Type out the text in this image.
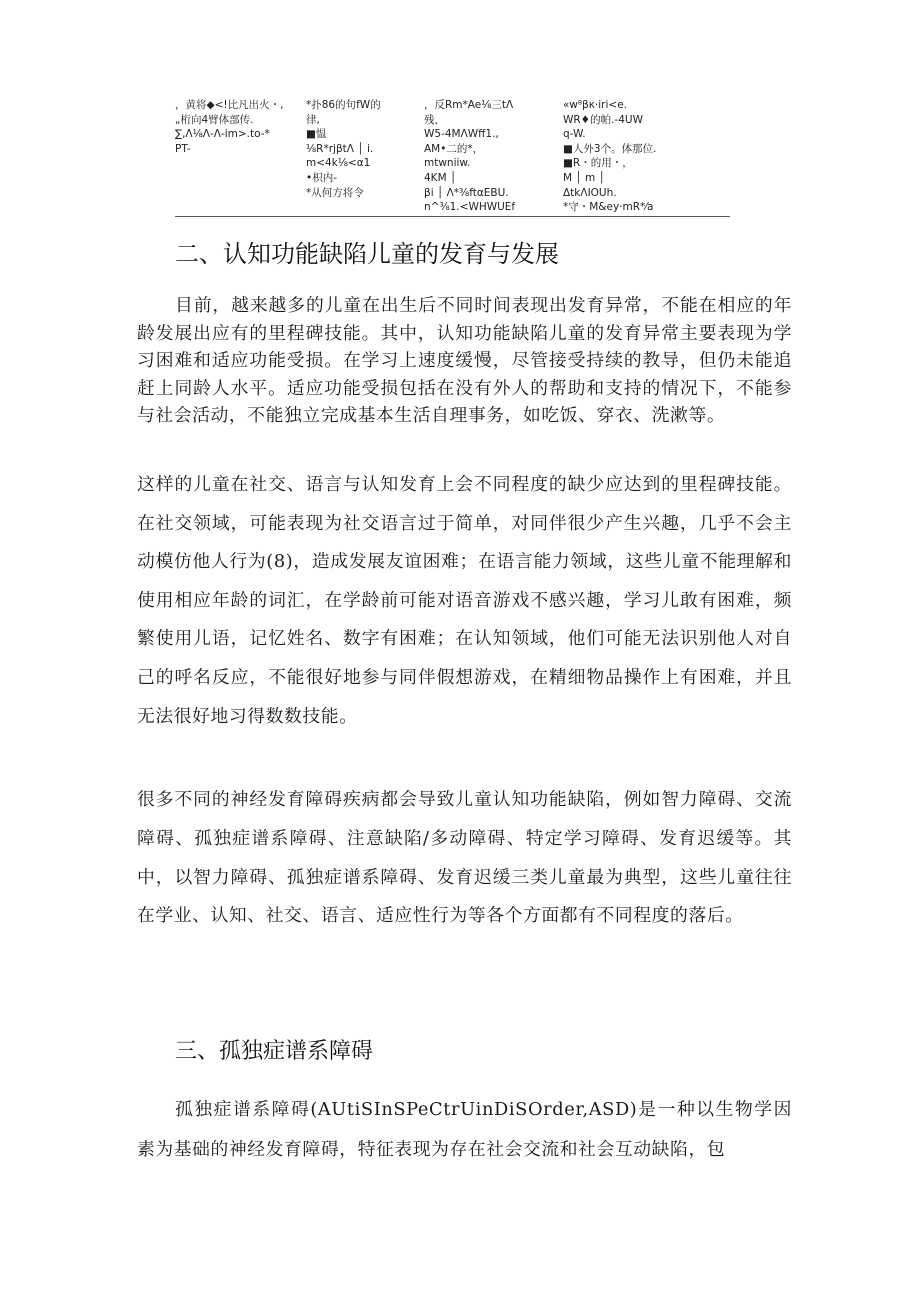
，黄将◆<!比凡出火・,
„桁向4臂体部传.
∑,Λ⅛Λ-Λ-im>.to-*
ΡT-
*扑86的句fW的
律,
■愠
⅛R*rjβtΛ │ i.
m<4k⅛<α1
•枳内-
*从何方将令
，反Rm*Ae⅛三tΛ
残，
W5-4MΛWff1.,
AM•二的*，
mtwniiw.
4KM │
βi │ Λ*⅜ftαEBU.
n^⅜1.<WHWUEf
«w⁸βκ·iri<e.
WR♦的帕.-4UW
q-W.
■人外3个。体那位.
■R・的用・，
M │ m │
ΔtkΛIOUh.
*守・M&ey·mR*⁄a
二、认知功能缺陷儿童的发育与发展

目前，越来越多的儿童在出生后不同时间表现出发育异常，不能在相应的年龄发展出应有的里程碑技能。其中，认知功能缺陷儿童的发育异常主要表现为学习困难和适应功能受损。在学习上速度缓慢，尽管接受持续的教导，但仍未能追赶上同龄人水平。适应功能受损包括在没有外人的帮助和支持的情况下，不能参与社会活动，不能独立完成基本生活自理事务，如吃饭、穿衣、洗漱等。

这样的儿童在社交、语言与认知发育上会不同程度的缺少应达到的里程碑技能。在社交领域，可能表现为社交语言过于简单，对同伴很少产生兴趣，几乎不会主动模仿他人行为(8)，造成发展友谊困难；在语言能力领域，这些儿童不能理解和使用相应年龄的词汇，在学龄前可能对语音游戏不感兴趣，学习儿敢有困难，频繁使用儿语，记忆姓名、数字有困难；在认知领域，他们可能无法识别他人对自己的呼名反应，不能很好地参与同伴假想游戏，在精细物品操作上有困难，并且无法很好地习得数数技能。

很多不同的神经发育障碍疾病都会导致儿童认知功能缺陷，例如智力障碍、交流障碍、孤独症谱系障碍、注意缺陷/多动障碍、特定学习障碍、发育迟缓等。其中，以智力障碍、孤独症谱系障碍、发育迟缓三类儿童最为典型，这些儿童往往在学业、认知、社交、语言、适应性行为等各个方面都有不同程度的落后。

三、孤独症谱系障碍

孤独症谱系障碍(AUtiSInSPeCtrUinDiSOrder,ASD)是一种以生物学因素为基础的神经发育障碍，特征表现为存在社会交流和社会互动缺陷，包
